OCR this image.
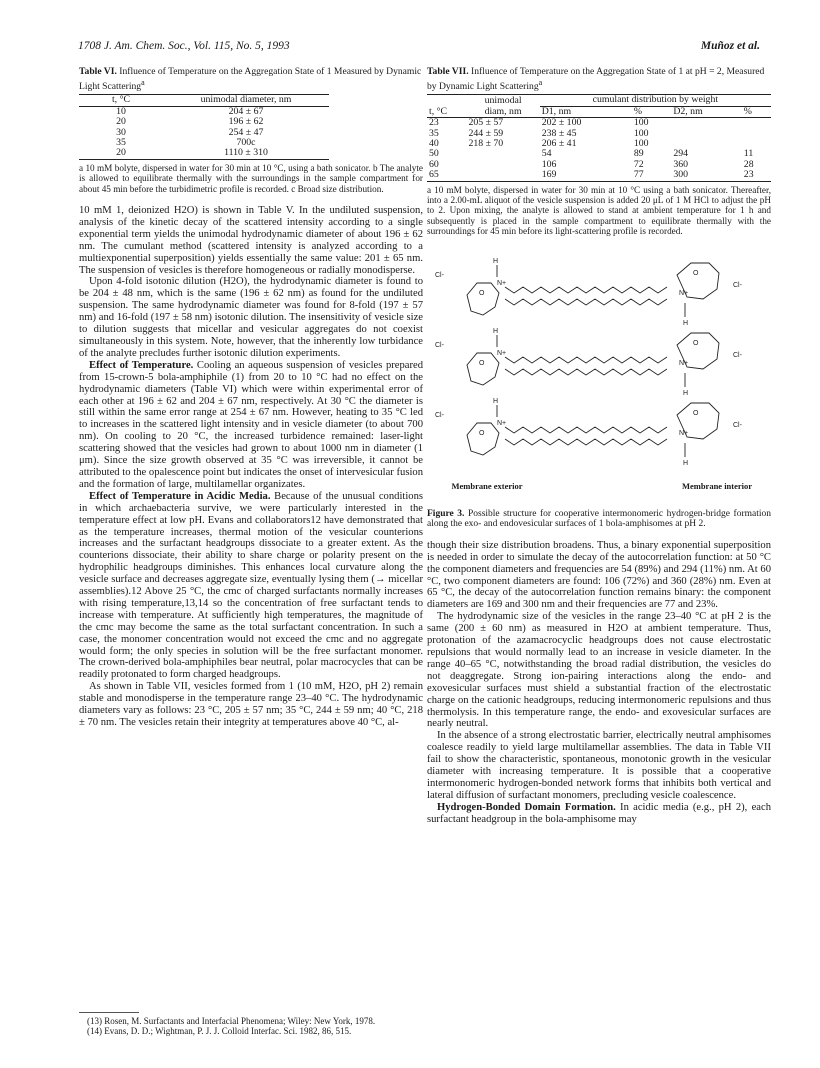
1708 J. Am. Chem. Soc., Vol. 115, No. 5, 1993	Muñoz et al.

Table VI. Influence of Temperature on the Aggregation State of 1 Measured by Dynamic Light Scattering$^a$

t, °C	unimodal diameter, nm
10	204 ± 67
20	196 ± 62
30	254 ± 47
35	700c
20	1110 ± 310
a 10 mM bolyte, dispersed in water for 30 min at 10 °C, using a bath sonicator. b The analyte is allowed to equilibrate thermally with the surroundings in the sample compartment for about 45 min before the turbidimetric profile is recorded. c Broad size distribution.

10 mM 1, deionized H2O) is shown in Table V. In the undiluted suspension, analysis of the kinetic decay of the scattered intensity according to a single exponential term yields the unimodal hydrodynamic diameter of about 196 ± 62 nm. The cumulant method (scattered intensity is analyzed according to a multiexponential superposition) yields essentially the same value: 201 ± 65 nm. The suspension of vesicles is therefore homogeneous or radially monodisperse.

Upon 4-fold isotonic dilution (H2O), the hydrodynamic diameter is found to be 204 ± 48 nm, which is the same (196 ± 62 nm) as found for the undiluted suspension. The same hydrodynamic diameter was found for 8-fold (197 ± 57 nm) and 16-fold (197 ± 58 nm) isotonic dilution. The insensitivity of vesicle size to dilution suggests that micellar and vesicular aggregates do not coexist simultaneously in this system. Note, however, that the inherently low turbidance of the analyte precludes further isotonic dilution experiments.

Effect of Temperature. Cooling an aqueous suspension of vesicles prepared from 15-crown-5 bola-amphiphile (1) from 20 to 10 °C had no effect on the hydrodynamic diameters (Table VI) which were within experimental error of each other at 196 ± 62 and 204 ± 67 nm, respectively. At 30 °C the diameter is still within the same error range at 254 ± 67 nm. However, heating to 35 °C led to increases in the scattered light intensity and in vesicle diameter (to about 700 nm). On cooling to 20 °C, the increased turbidence remained: laser-light scattering showed that the vesicles had grown to about 1000 nm in diameter (1 μm). Since the size growth observed at 35 °C was irreversible, it cannot be attributed to the opalescence point but indicates the onset of intervesicular fusion and the formation of large, multilamellar organizates.

Effect of Temperature in Acidic Media. Because of the unusual conditions in which archaebacteria survive, we were particularly interested in the temperature effect at low pH. Evans and collaborators12 have demonstrated that as the temperature increases, thermal motion of the vesicular counterions increases and the surfactant headgroups dissociate to a greater extent. As the counterions dissociate, their ability to share charge or polarity present on the hydrophilic headgroups diminishes. This enhances local curvature along the vesicle surface and decreases aggregate size, eventually lysing them (→ micellar assemblies).12 Above 25 °C, the cmc of charged surfactants normally increases with rising temperature,13,14 so the concentration of free surfactant tends to increase with temperature. At sufficiently high temperatures, the magnitude of the cmc may become the same as the total surfactant concentration. In such a case, the monomer concentration would not exceed the cmc and no aggregate would form; the only species in solution will be the free surfactant monomer. The crown-derived bola-amphiphiles bear neutral, polar macrocycles that can be readily protonated to form charged headgroups.

As shown in Table VII, vesicles formed from 1 (10 mM, H2O, pH 2) remain stable and monodisperse in the temperature range 23–40 °C. The hydrodynamic diameters vary as follows: 23 °C, 205 ± 57 nm; 35 °C, 244 ± 59 nm; 40 °C, 218 ± 70 nm. The vesicles retain their integrity at temperatures above 40 °C, al-

(13) Rosen, M. Surfactants and Interfacial Phenomena; Wiley: New York, 1978.
(14) Evans, D. D.; Wightman, P. J. J. Colloid Interfac. Sci. 1982, 86, 515.

Table VII. Influence of Temperature on the Aggregation State of 1 at pH = 2, Measured by Dynamic Light Scattering$^a$

	unimodal	cumulant distribution by weight			
t, °C	diam, nm	D1, nm	%	D2, nm	%
23	205 ± 57	202 ± 100	100		
35	244 ± 59	238 ± 45	100		
40	218 ± 70	206 ± 41	100		
50		54	89	294	11
60		106	72	360	28
65		169	77	300	23
a 10 mM bolyte, dispersed in water for 30 min at 10 °C using a bath sonicator. Thereafter, into a 2.00-mL aliquot of the vesicle suspension is added 20 μL of 1 M HCl to adjust the pH to 2. Upon mixing, the analyte is allowed to stand at ambient temperature for 1 h and subsequently is placed in the sample compartment to equilibrate thermally with the surroundings for 45 min before its light-scattering profile is recorded.
H
N+
O
O
N+
H
Cl-
Cl-
H
N+
O
O
N+
H
Cl-
Cl-
H
N+
O
O
N+
H
Cl-
Cl-
Membrane exterior	Membrane interior

Figure 3. Possible structure for cooperative intermonomeric hydrogen-bridge formation along the exo- and endovesicular surfaces of 1 bola-amphisomes at pH 2.

though their size distribution broadens. Thus, a binary exponential superposition is needed in order to simulate the decay of the autocorrelation function: at 50 °C the component diameters and frequencies are 54 (89%) and 294 (11%) nm. At 60 °C, two component diameters are found: 106 (72%) and 360 (28%) nm. Even at 65 °C, the decay of the autocorrelation function remains binary: the component diameters are 169 and 300 nm and their frequencies are 77 and 23%.

The hydrodynamic size of the vesicles in the range 23–40 °C at pH 2 is the same (200 ± 60 nm) as measured in H2O at ambient temperature. Thus, protonation of the azamacrocyclic headgroups does not cause electrostatic repulsions that would normally lead to an increase in vesicle diameter. In the range 40–65 °C, notwithstanding the broad radial distribution, the vesicles do not deaggregate. Strong ion-pairing interactions along the endo- and exovesicular surfaces must shield a substantial fraction of the electrostatic charge on the cationic headgroups, reducing intermonomeric repulsions and thus thermolysis. In this temperature range, the endo- and exovesicular surfaces are nearly neutral.

In the absence of a strong electrostatic barrier, electrically neutral amphisomes coalesce readily to yield large multilamellar assemblies. The data in Table VII fail to show the characteristic, spontaneous, monotonic growth in the vesicular diameter with increasing temperature. It is possible that a cooperative intermonomeric hydrogen-bonded network forms that inhibits both vertical and lateral diffusion of surfactant monomers, precluding vesicle coalescence.

Hydrogen-Bonded Domain Formation. In acidic media (e.g., pH 2), each surfactant headgroup in the bola-amphisome may
